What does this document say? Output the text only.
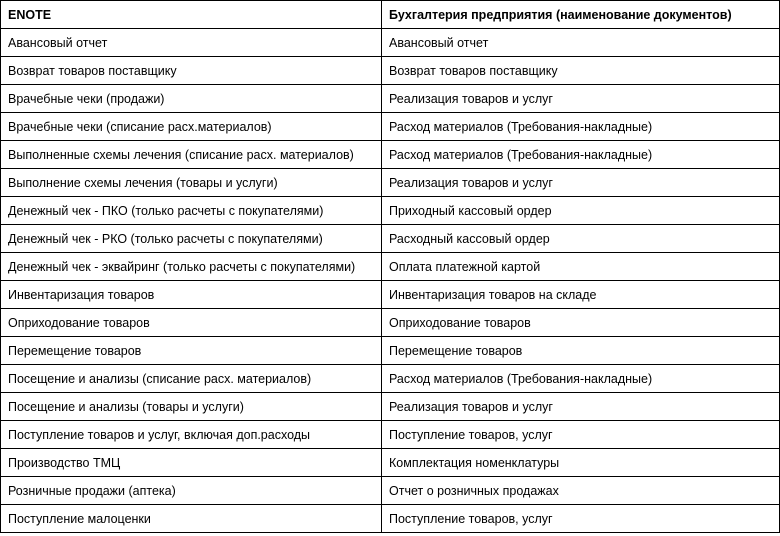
ENOTE	Бухгалтерия предприятия (наименование документов)
Авансовый отчет	Авансовый отчет
Возврат товаров поставщику	Возврат товаров поставщику
Врачебные чеки (продажи)	Реализация товаров и услуг
Врачебные чеки (списание расх.материалов)	Расход материалов (Требования-накладные)
Выполненные схемы лечения (списание расх. материалов)	Расход материалов (Требования-накладные)
Выполнение схемы лечения (товары и услуги)	Реализация товаров и услуг
Денежный чек - ПКО (только расчеты с покупателями)	Приходный кассовый ордер
Денежный чек - РКО (только расчеты с покупателями)	Расходный кассовый ордер
Денежный чек - эквайринг (только расчеты с покупателями)	Оплата платежной картой
Инвентаризация товаров	Инвентаризация товаров на складе
Оприходование товаров	Оприходование товаров
Перемещение товаров	Перемещение товаров
Посещение и анализы (списание расх. материалов)	Расход материалов (Требования-накладные)
Посещение и анализы (товары и услуги)	Реализация товаров и услуг
Поступление товаров и услуг, включая доп.расходы	Поступление товаров, услуг
Производство ТМЦ	Комплектация номенклатуры
Розничные продажи (аптека)	Отчет о розничных продажах
Поступление малоценки	Поступление товаров, услуг
